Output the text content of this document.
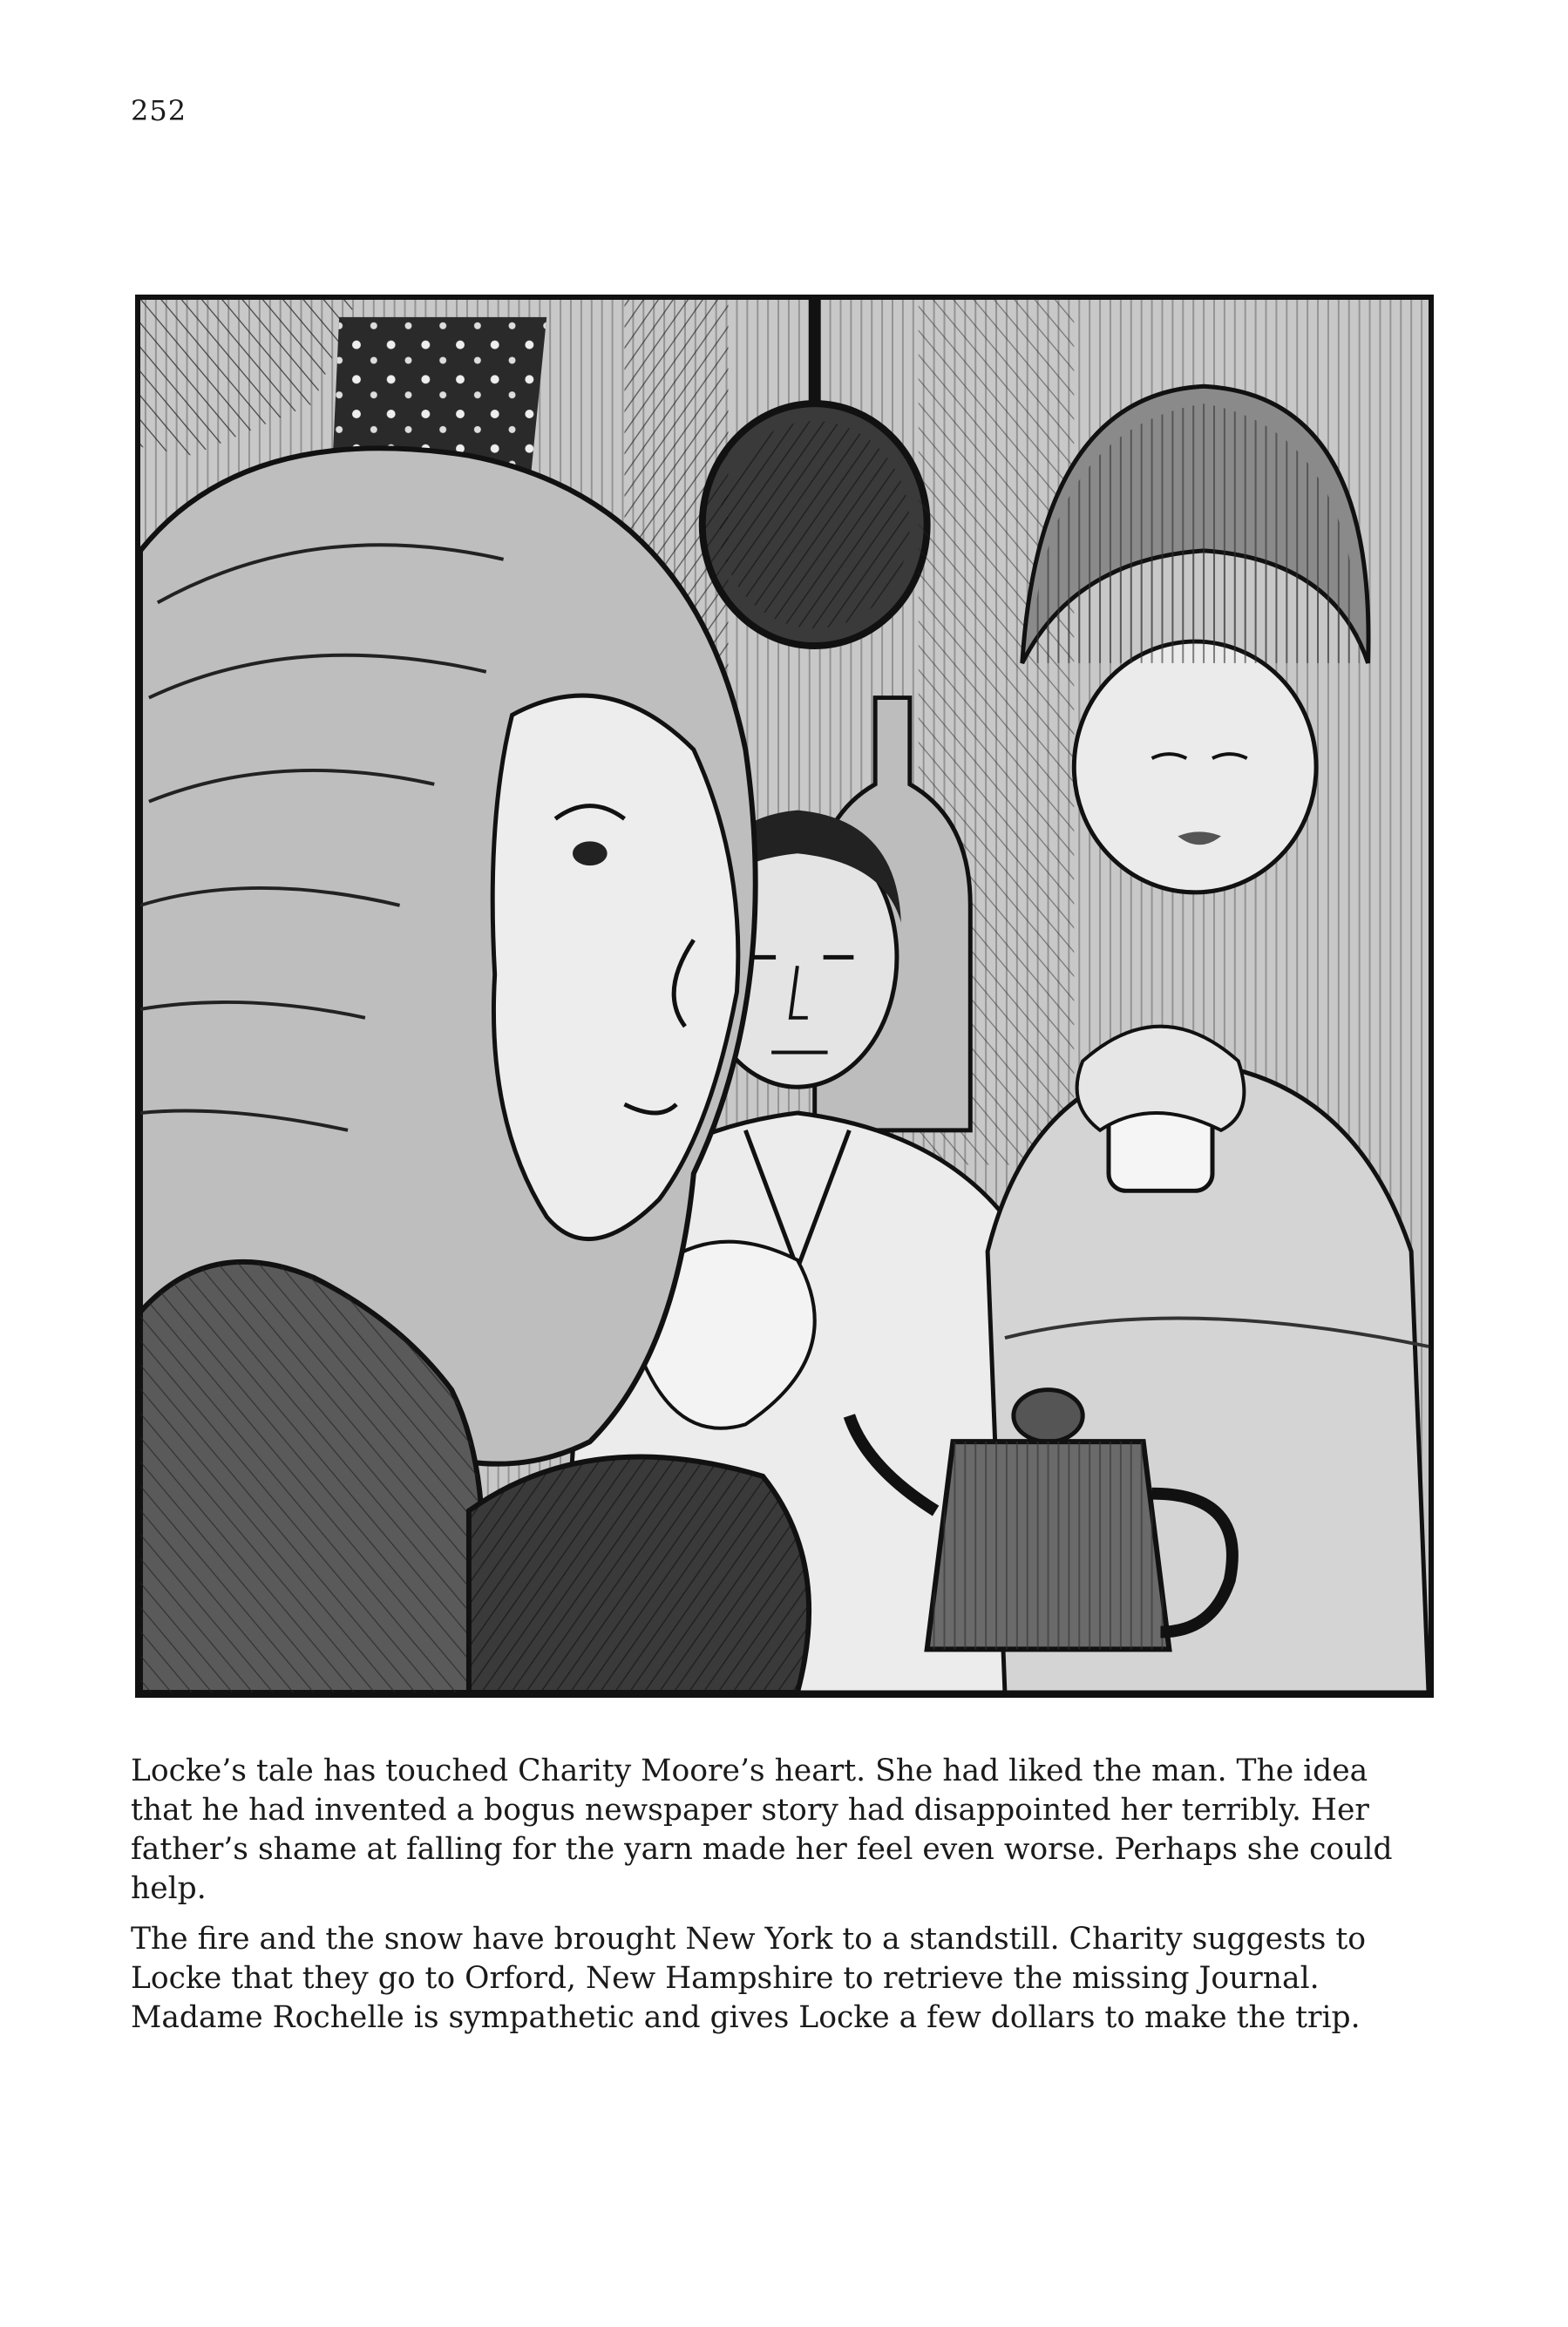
252

Locke’s tale has touched Charity Moore’s heart. She had liked the man. The idea that he had invented a bogus newspaper story had disappointed her terribly. Her father’s shame at falling for the yarn made her feel even worse. Perhaps she could help.

The fire and the snow have brought New York to a standstill. Charity suggests to Locke that they go to Orford, New Hampshire to retrieve the missing Journal. Madame Rochelle is sympathetic and gives Locke a few dollars to make the trip.
